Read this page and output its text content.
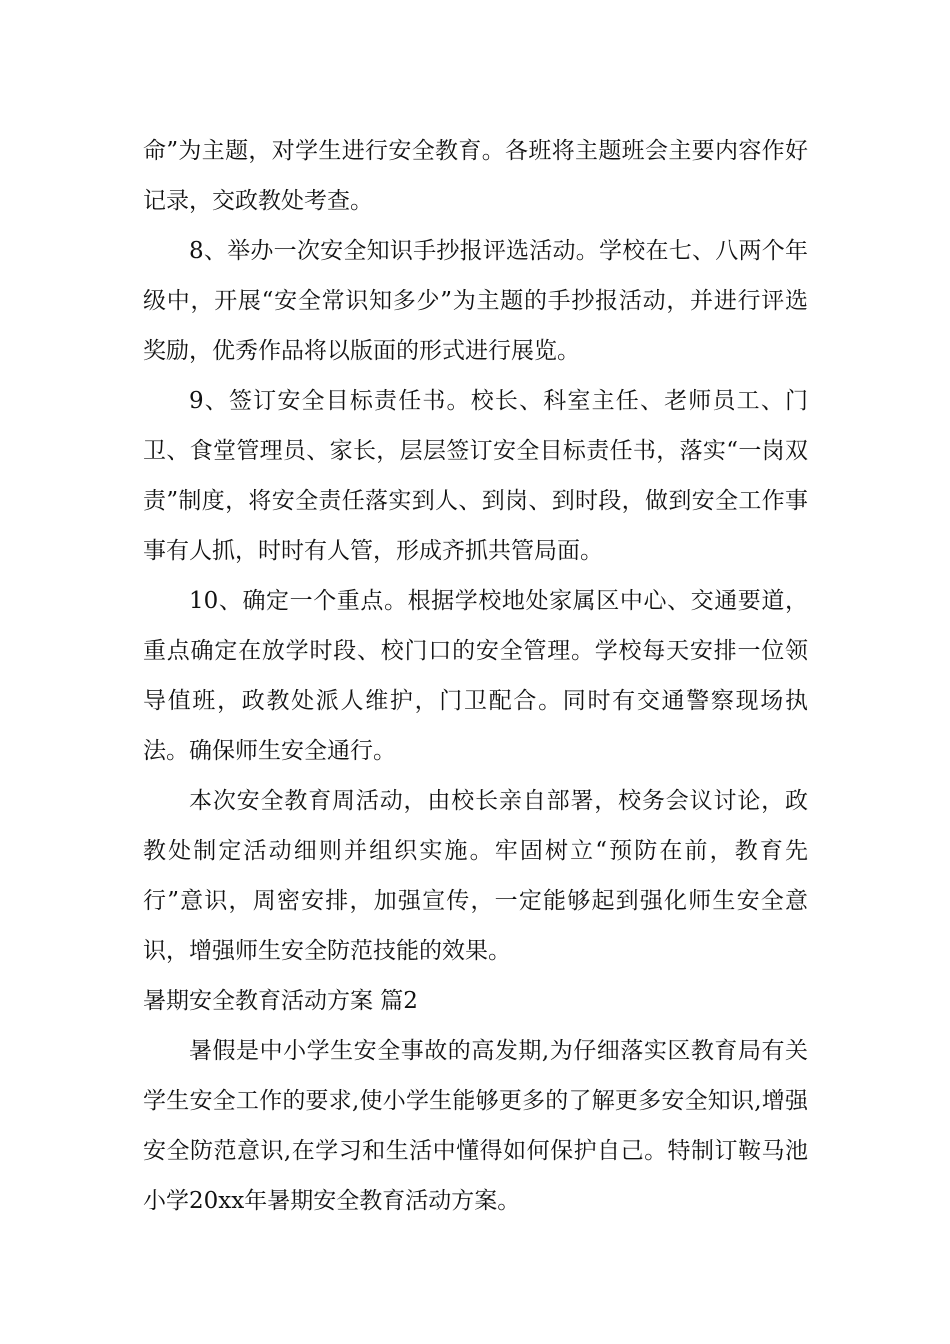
命”为主题，对学生进行安全教育。各班将主题班会主要内容作好记录，交政教处考查。

8、举办一次安全知识手抄报评选活动。学校在七、八两个年级中，开展“安全常识知多少”为主题的手抄报活动，并进行评选奖励，优秀作品将以版面的形式进行展览。

9、签订安全目标责任书。校长、科室主任、老师员工、门卫、食堂管理员、家长，层层签订安全目标责任书，落实“一岗双责”制度，将安全责任落实到人、到岗、到时段，做到安全工作事事有人抓，时时有人管，形成齐抓共管局面。

10、确定一个重点。根据学校地处家属区中心、交通要道，重点确定在放学时段、校门口的安全管理。学校每天安排一位领导值班，政教处派人维护，门卫配合。同时有交通警察现场执法。确保师生安全通行。

本次安全教育周活动，由校长亲自部署，校务会议讨论，政教处制定活动细则并组织实施。牢固树立“预防在前，教育先行”意识，周密安排，加强宣传，一定能够起到强化师生安全意识，增强师生安全防范技能的效果。

暑期安全教育活动方案 篇2

暑假是中小学生安全事故的高发期,为仔细落实区教育局有关学生安全工作的要求,使小学生能够更多的了解更多安全知识,增强安全防范意识,在学习和生活中懂得如何保护自己。特制订鞍马池小学20xx年暑期安全教育活动方案。
